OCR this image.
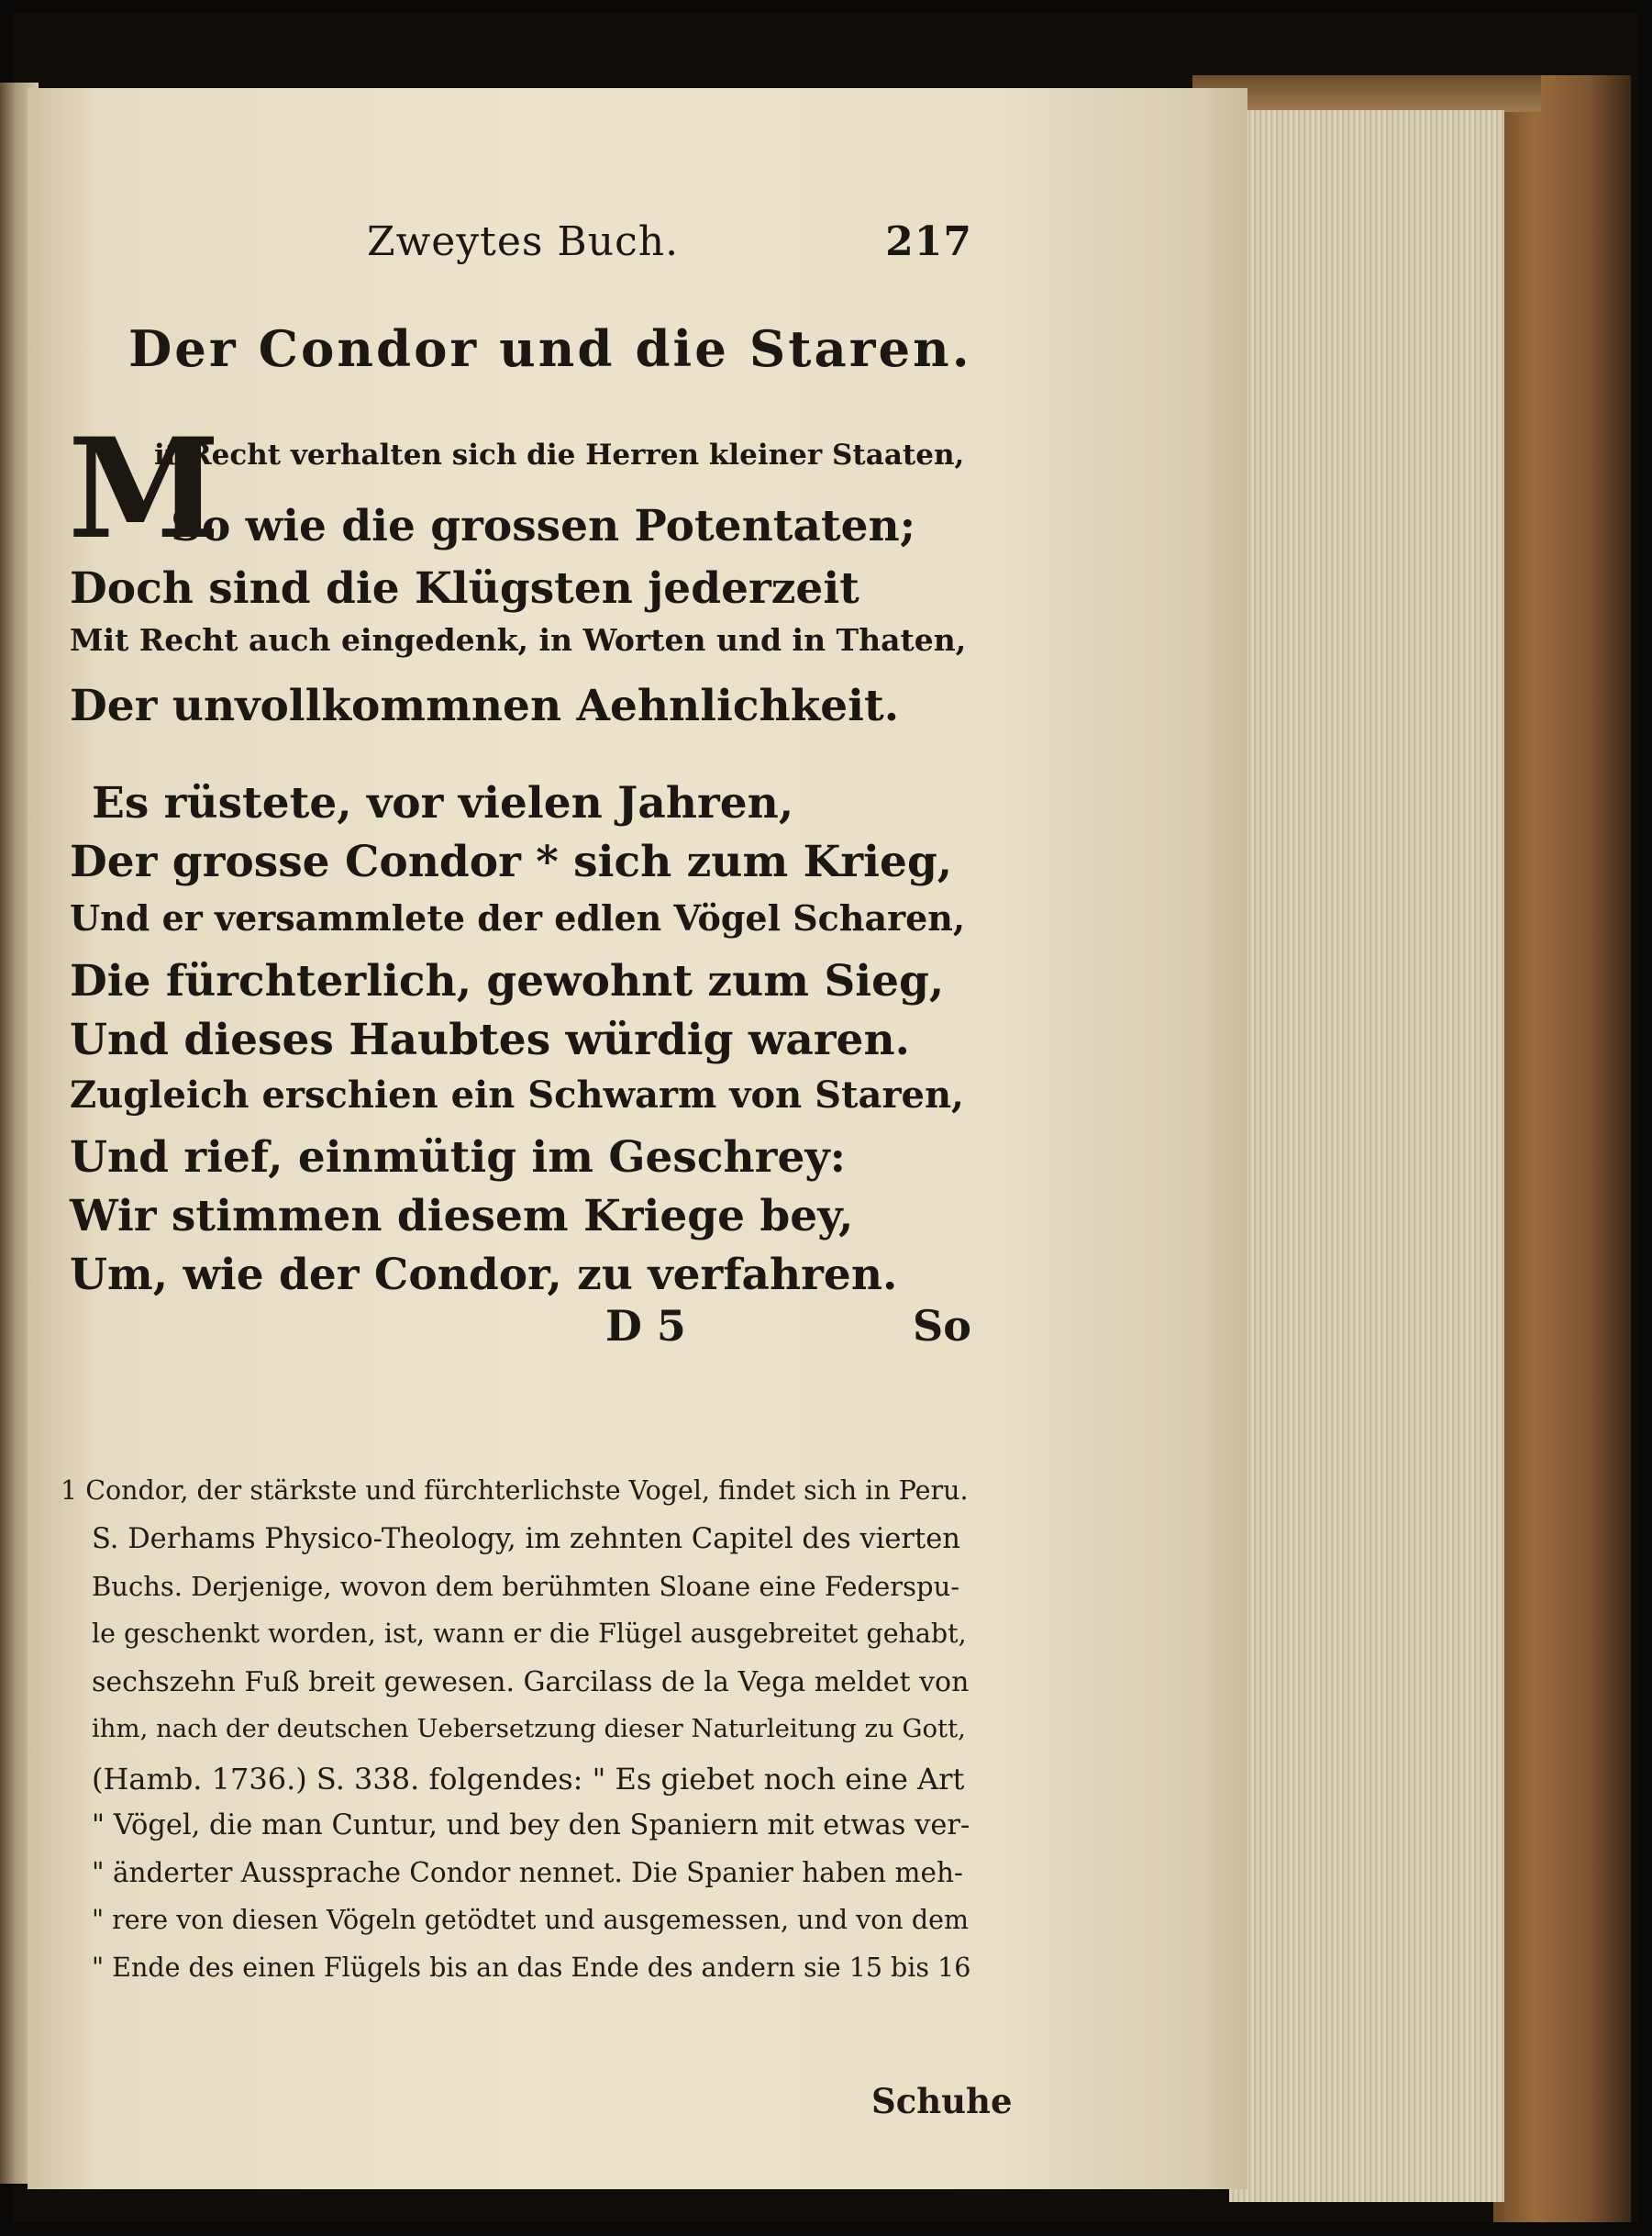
Zweytes Buch.	217
Der Condor und die Staren.
M
it Recht verhalten sich die Herren kleiner Staaten,
So wie die grossen Potentaten;
Doch sind die Klügsten jederzeit
Mit Recht auch eingedenk, in Worten und in Thaten,
Der unvollkommnen Aehnlichkeit.
Es rüstete, vor vielen Jahren,
Der grosse Condor * sich zum Krieg,
Und er versammlete der edlen Vögel Scharen,
Die fürchterlich, gewohnt zum Sieg,
Und dieses Haubtes würdig waren.
Zugleich erschien ein Schwarm von Staren,
Und rief, einmütig im Geschrey:
Wir stimmen diesem Kriege bey,
Um, wie der Condor, zu verfahren.
D 5	So
1 Condor, der stärkste und fürchterlichste Vogel, findet sich in Peru.
S. Derhams Physico-Theology, im zehnten Capitel des vierten
Buchs. Derjenige, wovon dem berühmten Sloane eine Federspu-
le geschenkt worden, ist, wann er die Flügel ausgebreitet gehabt,
sechszehn Fuß breit gewesen. Garcilass de la Vega meldet von
ihm, nach der deutschen Uebersetzung dieser Naturleitung zu Gott,
(Hamb. 1736.) S. 338. folgendes: " Es giebet noch eine Art
" Vögel, die man Cuntur, und bey den Spaniern mit etwas ver-
" änderter Aussprache Condor nennet. Die Spanier haben meh-
" rere von diesen Vögeln getödtet und ausgemessen, und von dem
" Ende des einen Flügels bis an das Ende des andern sie 15 bis 16
Schuhe
